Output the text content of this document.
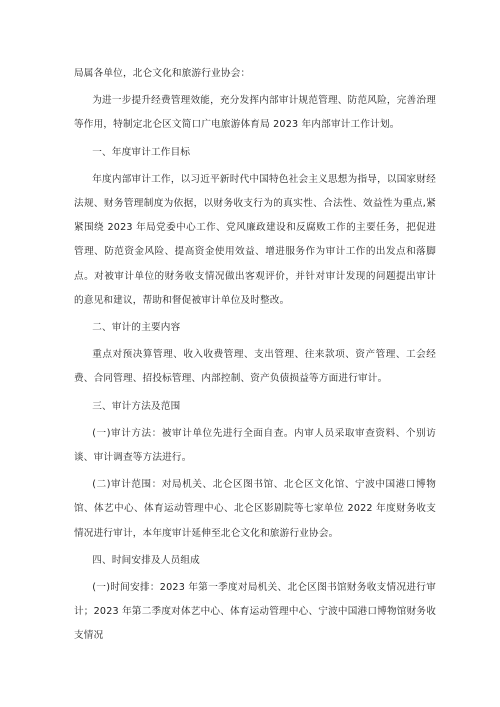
局属各单位，北仑文化和旅游行业协会：

为进一步提升经费管理效能，充分发挥内部审计规范管理、防范风险，完善治理等作用，特制定北仑区文简口广电旅游体育局 2023 年内部审计工作计划。

一、年度审计工作目标

年度内部审计工作，以习近平新时代中国特色社会主义思想为指导，以国家财经法规、财务管理制度为依据，以财务收支行为的真实性、合法性、效益性为重点,紧紧围绕 2023 年局党委中心工作、党风廉政建设和反腐败工作的主要任务，把促进管理、防范资金风险、提高资金使用效益、增进服务作为审计工作的出发点和落脚点。对被审计单位的财务收支情况做出客观评价，并针对审计发现的问题提出审计的意见和建议，帮助和督促被审计单位及时整改。

二、审计的主要内容

重点对预决算管理、收入收费管理、支出管理、往来款项、资产管理、工会经费、合同管理、招投标管理、内部控制、资产负债损益等方面进行审计。

三、审计方法及范围

(一)审计方法：被审计单位先进行全面自查。内审人员采取审查资料、个别访谈、审计调查等方法进行。

(二)审计范围：对局机关、北仑区图书馆、北仑区文化馆、宁波中国港口博物馆、体艺中心、体育运动管理中心、北仑区影剧院等七家单位 2022 年度财务收支情况进行审计，本年度审计延伸至北仑文化和旅游行业协会。

四、时间安排及人员组成

(一)时间安排：2023 年第一季度对局机关、北仑区图书馆财务收支情况进行审计；2023 年第二季度对体艺中心、体育运动管理中心、宁波中国港口博物馆财务收支情况
